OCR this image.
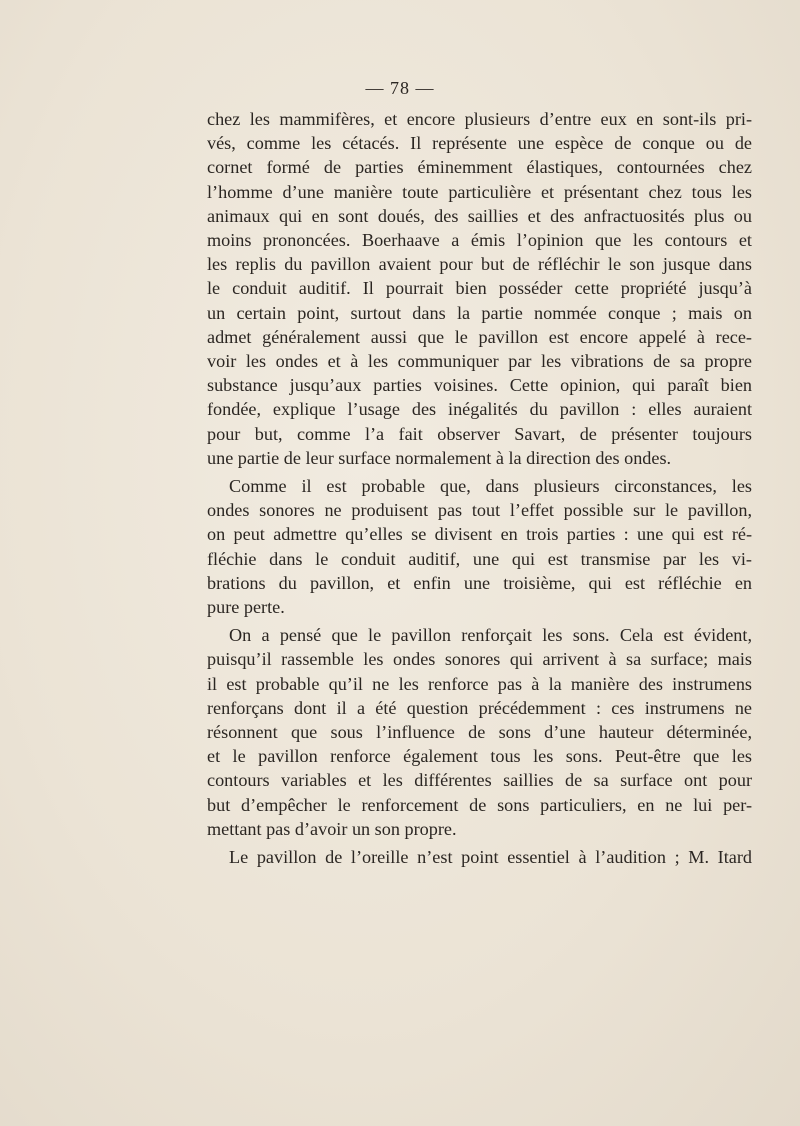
— 78 —
chez les mammifères, et encore plusieurs d’entre eux en sont-ils pri-
vés, comme les cétacés. Il représente une espèce de conque ou de
cornet formé de parties éminemment élastiques, contournées chez
l’homme d’une manière toute particulière et présentant chez tous les
animaux qui en sont doués, des saillies et des anfractuosités plus ou
moins prononcées. Boerhaave a émis l’opinion que les contours et
les replis du pavillon avaient pour but de réfléchir le son jusque dans
le conduit auditif. Il pourrait bien posséder cette propriété jusqu’à
un certain point, surtout dans la partie nommée conque ; mais on
admet généralement aussi que le pavillon est encore appelé à rece-
voir les ondes et à les communiquer par les vibrations de sa propre
substance jusqu’aux parties voisines. Cette opinion, qui paraît bien
fondée, explique l’usage des inégalités du pavillon : elles auraient
pour but, comme l’a fait observer Savart, de présenter toujours
une partie de leur surface normalement à la direction des ondes.
Comme il est probable que, dans plusieurs circonstances, les
ondes sonores ne produisent pas tout l’effet possible sur le pavillon,
on peut admettre qu’elles se divisent en trois parties : une qui est ré-
fléchie dans le conduit auditif, une qui est transmise par les vi-
brations du pavillon, et enfin une troisième, qui est réfléchie en
pure perte.
On a pensé que le pavillon renforçait les sons. Cela est évident,
puisqu’il rassemble les ondes sonores qui arrivent à sa surface; mais
il est probable qu’il ne les renforce pas à la manière des instrumens
renforçans dont il a été question précédemment : ces instrumens ne
résonnent que sous l’influence de sons d’une hauteur déterminée,
et le pavillon renforce également tous les sons. Peut-être que les
contours variables et les différentes saillies de sa surface ont pour
but d’empêcher le renforcement de sons particuliers, en ne lui per-
mettant pas d’avoir un son propre.
Le pavillon de l’oreille n’est point essentiel à l’audition ; M. Itard
